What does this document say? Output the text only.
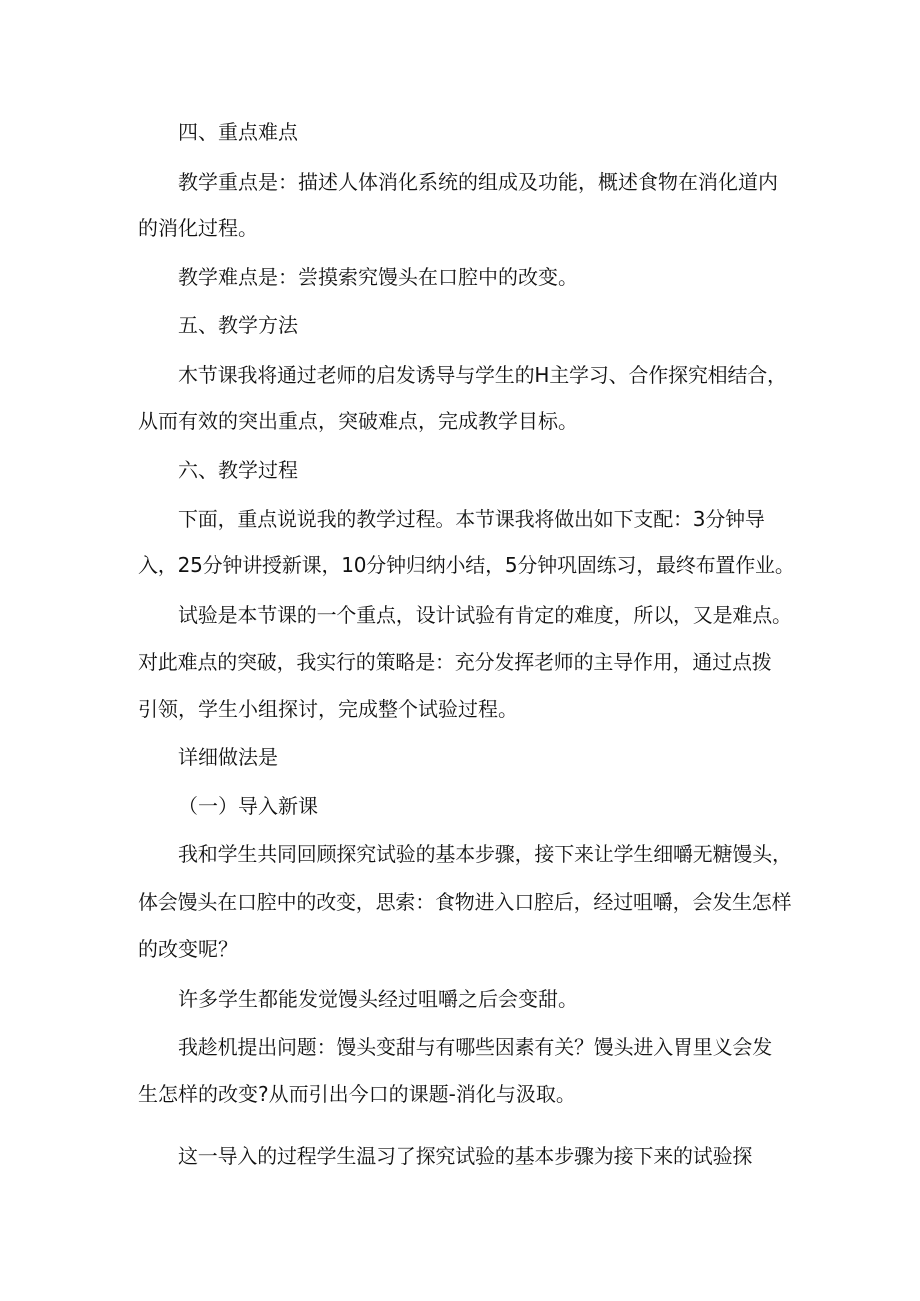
四、重点难点
教学重点是：描述人体消化系统的组成及功能，概述食物在消化道内
的消化过程。
教学难点是：尝摸索究馒头在口腔中的改变。
五、教学方法
木节课我将通过老师的启发诱导与学生的H主学习、合作探究相结合，
从而有效的突出重点，突破难点，完成教学目标。
六、教学过程
下面，重点说说我的教学过程。本节课我将做出如下支配：3分钟导
入，25分钟讲授新课，10分钟归纳小结，5分钟巩固练习，最终布置作业。
试验是本节课的一个重点，设计试验有肯定的难度，所以，又是难点。
对此难点的突破，我实行的策略是：充分发挥老师的主导作用，通过点拨
引领，学生小组探讨，完成整个试验过程。
详细做法是
（一）导入新课
我和学生共同回顾探究试验的基本步骤，接下来让学生细嚼无糖馒头，
体会馒头在口腔中的改变，思索：食物进入口腔后，经过咀嚼，会发生怎样
的改变呢？
许多学生都能发觉馒头经过咀嚼之后会变甜。
我趁机提出问题：馒头变甜与有哪些因素有关？馒头进入胃里义会发
生怎样的改变?从而引出今口的课题-消化与汲取。
这一导入的过程学生温习了探究试验的基本步骤为接下来的试验探
